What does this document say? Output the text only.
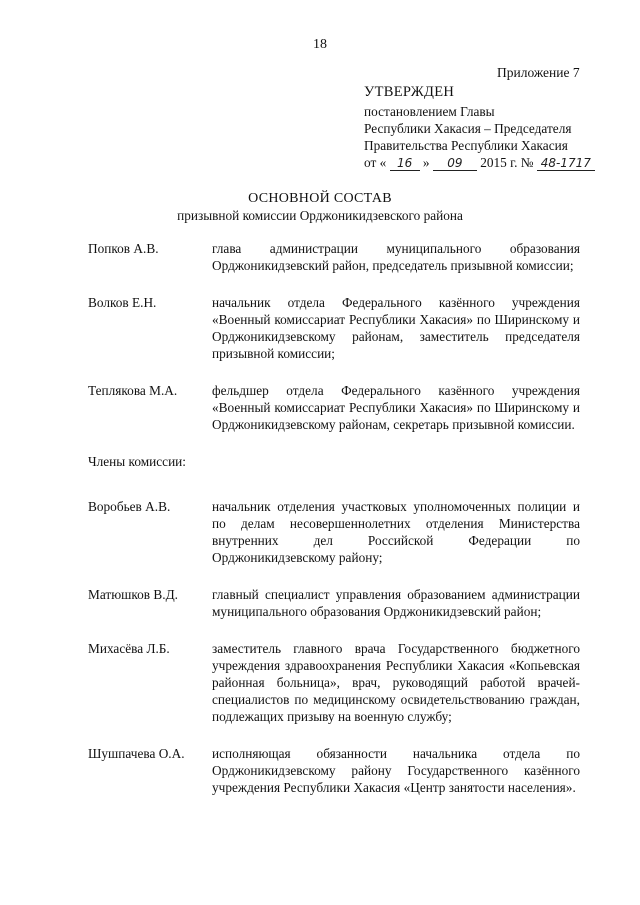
18
Приложение 7
УТВЕРЖДЕН
постановлением Главы
Республики Хакасия – Председателя
Правительства Республики Хакасия
от « 16 » 09 2015 г. № 48-1717
ОСНОВНОЙ СОСТАВ
призывной комиссии Орджоникидзевского района
Попков А.В.	глава администрации муниципального образования Орджоникидзевский район, председатель призывной комиссии;
Волков Е.Н.	начальник отдела Федерального казённого учреждения «Военный комиссариат Республики Хакасия» по Ширинскому и Орджоникидзевскому районам, заместитель председателя призывной комиссии;
Теплякова М.А.	фельдшер отдела Федерального казённого учреждения «Военный комиссариат Республики Хакасия» по Ширинскому и Орджоникидзевскому районам, секретарь призывной комиссии.
Члены комиссии:
Воробьев А.В.	начальник отделения участковых уполномоченных полиции и по делам несовершеннолетних отделения Министерства внутренних дел Российской Федерации по Орджоникидзевскому району;
Матюшков В.Д.	главный специалист управления образованием администрации муниципального образования Орджоникидзевский район;
Михасёва Л.Б.	заместитель главного врача Государственного бюджетного учреждения здравоохранения Республики Хакасия «Копьевская районная больница», врач, руководящий работой врачей-специалистов по медицинскому освидетельствованию граждан, подлежащих призыву на военную службу;
Шушпачева О.А.	исполняющая обязанности начальника отдела по Орджоникидзевскому району Государственного казённого учреждения Республики Хакасия «Центр занятости населения».
